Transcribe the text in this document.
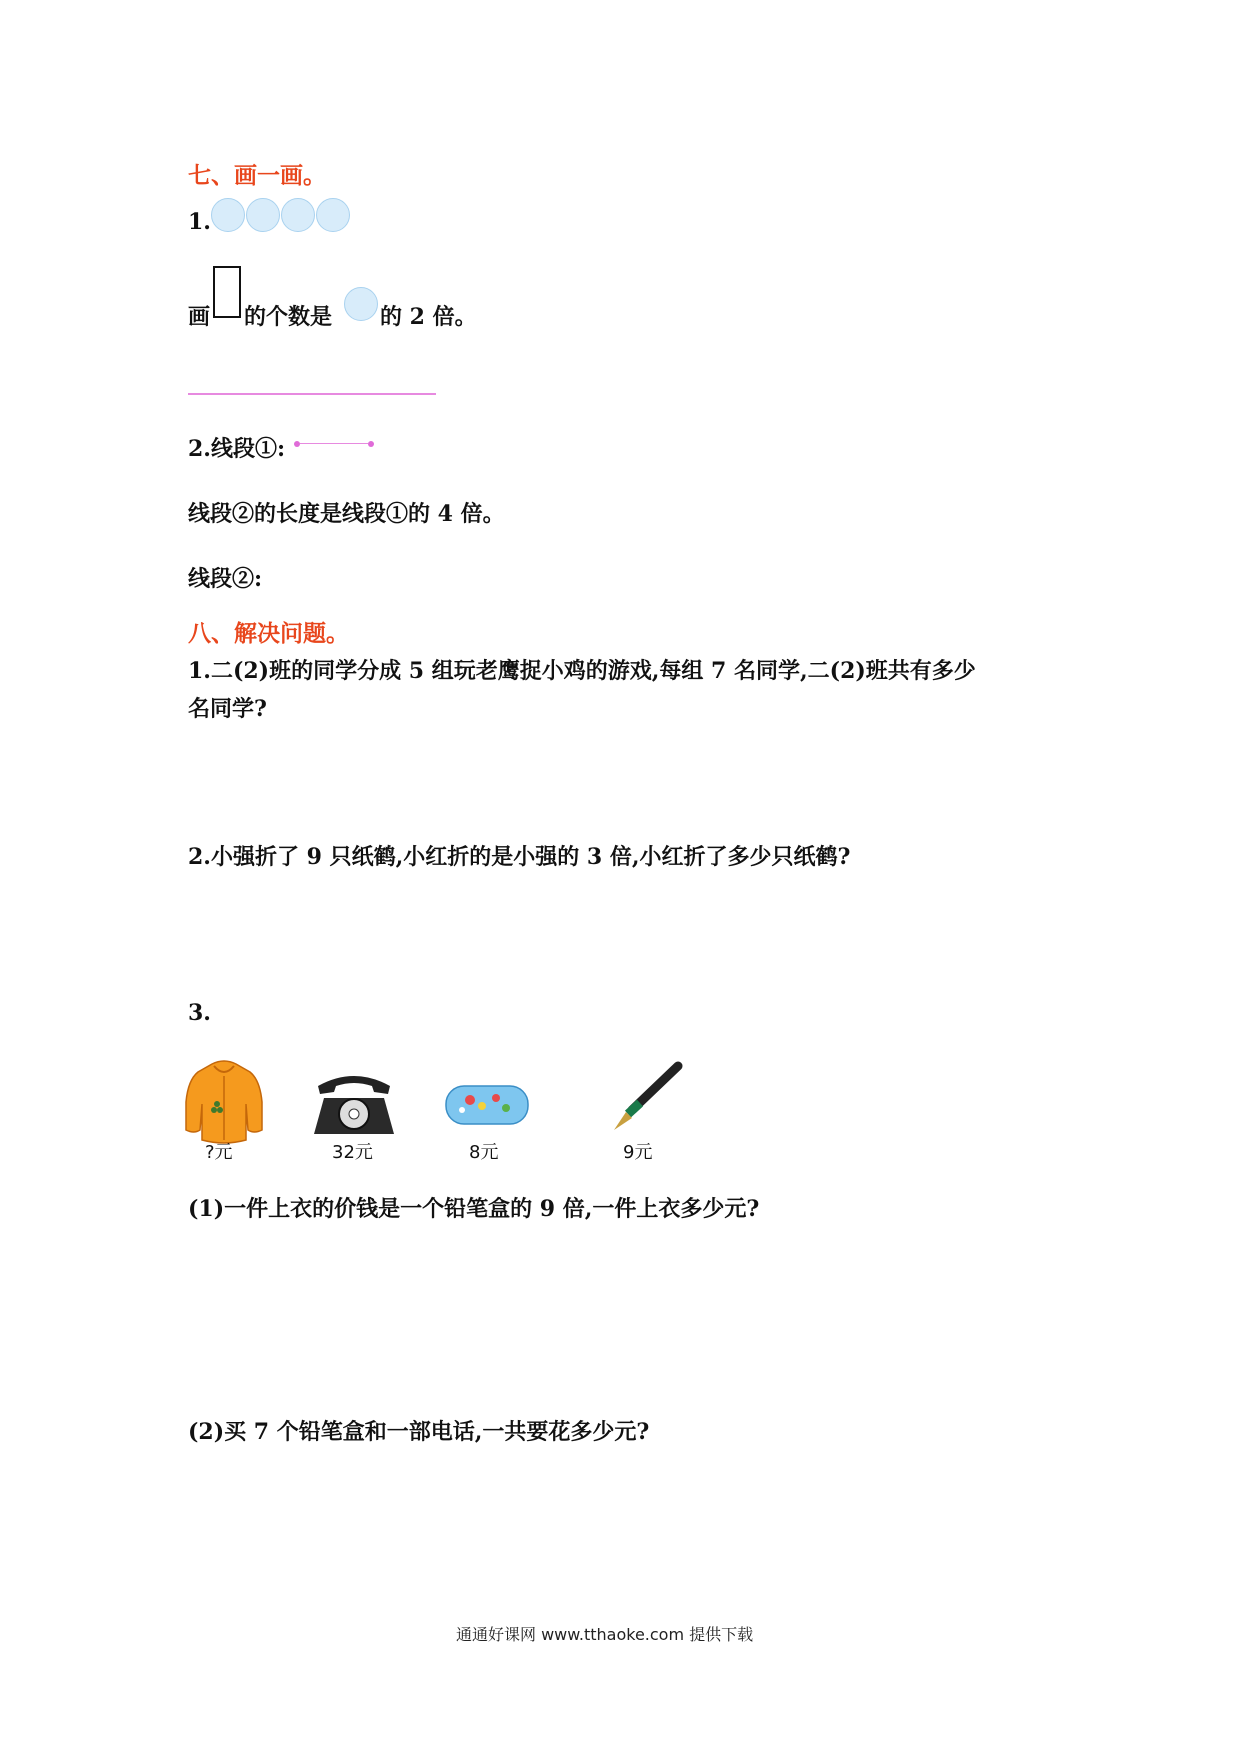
七、画一画。
1.
画 的个数是 的 2 倍。
2.线段①:
线段②的长度是线段①的 4 倍。
线段②:
八、解决问题。
1.二(2)班的同学分成 5 组玩老鹰捉小鸡的游戏,每组 7 名同学,二(2)班共有多少
名同学?
2.小强折了 9 只纸鹤,小红折的是小强的 3 倍,小红折了多少只纸鹤?
3.
?元	32元	8元	9元
(1)一件上衣的价钱是一个铅笔盒的 9 倍,一件上衣多少元?
(2)买 7 个铅笔盒和一部电话,一共要花多少元?
通通好课网 www.tthaoke.com 提供下载
